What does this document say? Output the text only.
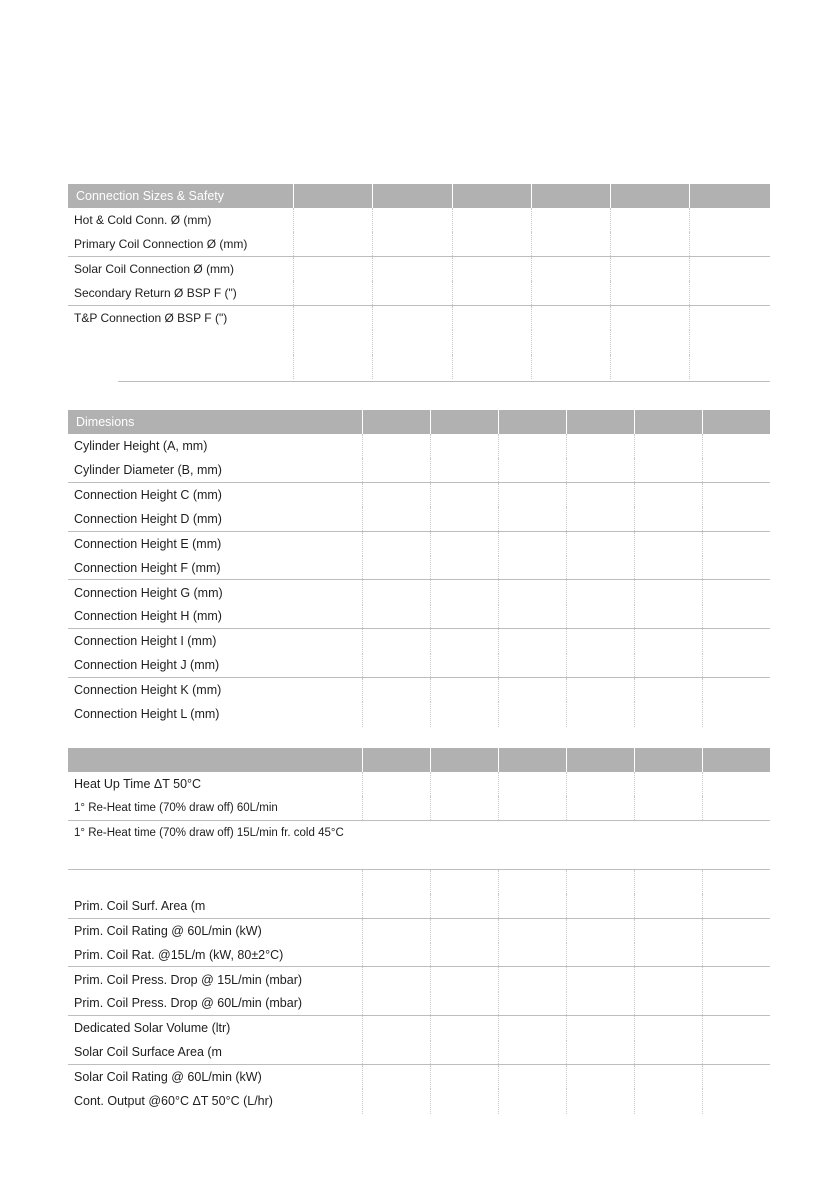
Connection Sizes & Safety
Hot & Cold Conn. Ø (mm)
Primary Coil Connection Ø (mm)
Solar Coil Connection Ø (mm)
Secondary Return Ø BSP F (")
T&P Connection Ø BSP F (")
Dimesions
Cylinder Height (A, mm)
Cylinder Diameter (B, mm)
Connection Height C (mm)
Connection Height D (mm)
Connection Height E (mm)
Connection Height F (mm)
Connection Height G (mm)
Connection Height H (mm)
Connection Height I (mm)
Connection Height J (mm)
Connection Height K (mm)
Connection Height L (mm)
Heat Up Time ΔT 50°C
1° Re-Heat time (70% draw off) 60L/min
1° Re-Heat time (70% draw off) 15L/min fr. cold 45°C
Prim. Coil Surf. Area (m
Prim. Coil Rating @ 60L/min (kW)
Prim. Coil Rat. @15L/m (kW, 80±2°C)
Prim. Coil Press. Drop @ 15L/min (mbar)
Prim. Coil Press. Drop @ 60L/min (mbar)
Dedicated Solar Volume (ltr)
Solar Coil Surface Area (m
Solar Coil Rating @ 60L/min (kW)
Cont. Output @60°C ΔT 50°C (L/hr)
